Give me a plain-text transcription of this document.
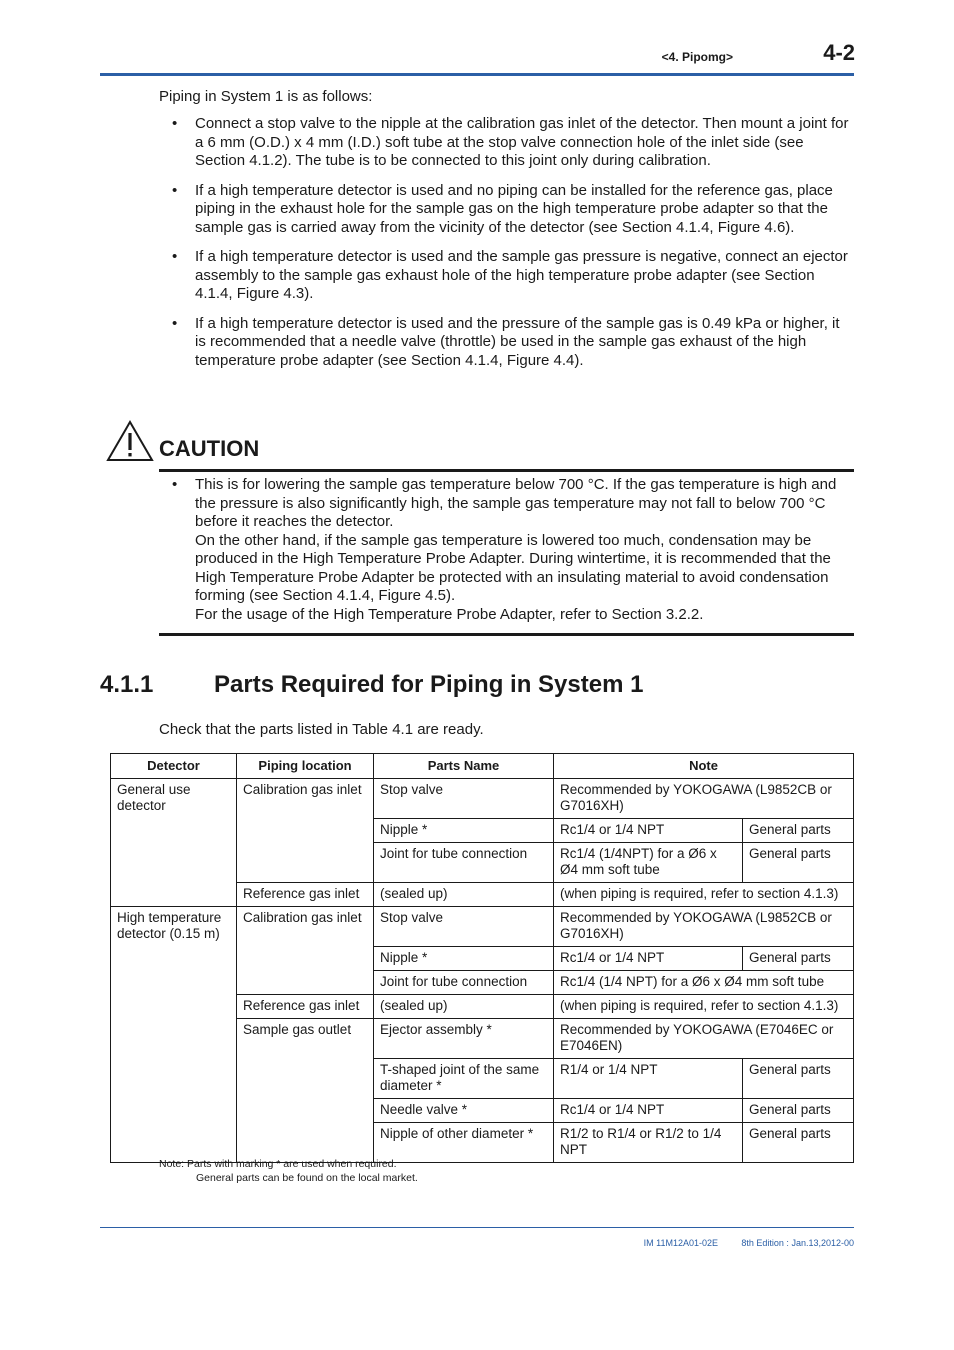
<4. Pipomg>	4-2
Piping in System 1 is as follows:
• Connect a stop valve to the nipple at the calibration gas inlet of the detector. Then mount a joint for a 6 mm (O.D.) x 4 mm (I.D.) soft tube at the stop valve connection hole of the inlet side (see Section 4.1.2). The tube is to be connected to this joint only during calibration.
• If a high temperature detector is used and no piping can be installed for the reference gas, place piping in the exhaust hole for the sample gas on the high temperature probe adapter so that the sample gas is carried away from the vicinity of the detector (see Section 4.1.4, Figure 4.6).
• If a high temperature detector is used and the sample gas pressure is negative, connect an ejector assembly to the sample gas exhaust hole of the high temperature probe adapter (see Section 4.1.4, Figure 4.3).
• If a high temperature detector is used and the pressure of the sample gas is 0.49 kPa or higher, it is recommended that a needle valve (throttle) be used in the sample gas exhaust of the high temperature probe adapter (see Section 4.1.4, Figure 4.4).
CAUTION
• This is for lowering the sample gas temperature below 700 °C. If the gas temperature is high and the pressure is also significantly high, the sample gas temperature may not fall to below 700 °C before it reaches the detector.
On the other hand, if the sample gas temperature is lowered too much, condensation may be produced in the High Temperature Probe Adapter. During wintertime, it is recommended that the High Temperature Probe Adapter be protected with an insulating material to avoid condensation forming (see Section 4.1.4, Figure 4.5).
For the usage of the High Temperature Probe Adapter, refer to Section 3.2.2.
4.1.1	Parts Required for Piping in System 1
Check that the parts listed in Table 4.1 are ready.
Detector	Piping location	Parts Name	Note	
General use detector	Calibration gas inlet	Stop valve	Recommended by YOKOGAWA (L9852CB or G7016XH)	
		Nipple *	Rc1/4 or 1/4 NPT	General parts
		Joint for tube connection	Rc1/4 (1/4NPT) for a Ø6 x Ø4 mm soft tube	General parts
	Reference gas inlet	(sealed up)	(when piping is required, refer to section 4.1.3)	
High temperature detector (0.15 m)	Calibration gas inlet	Stop valve	Recommended by YOKOGAWA (L9852CB or G7016XH)	
		Nipple *	Rc1/4 or 1/4 NPT	General parts
		Joint for tube connection	Rc1/4 (1/4 NPT) for a Ø6 x Ø4 mm soft tube	
	Reference gas inlet	(sealed up)	(when piping is required, refer to section 4.1.3)	
	Sample gas outlet	Ejector assembly *	Recommended by YOKOGAWA (E7046EC or E7046EN)	
		T-shaped joint of the same diameter *	R1/4 or 1/4 NPT	General parts
		Needle valve *	Rc1/4 or 1/4 NPT	General parts
		Nipple of other diameter *	R1/2 to R1/4 or R1/2 to 1/4 NPT	General parts
Note: Parts with marking * are used when required.
General parts can be found on the local market.
IM 11M12A01-02E	8th Edition : Jan.13,2012-00
